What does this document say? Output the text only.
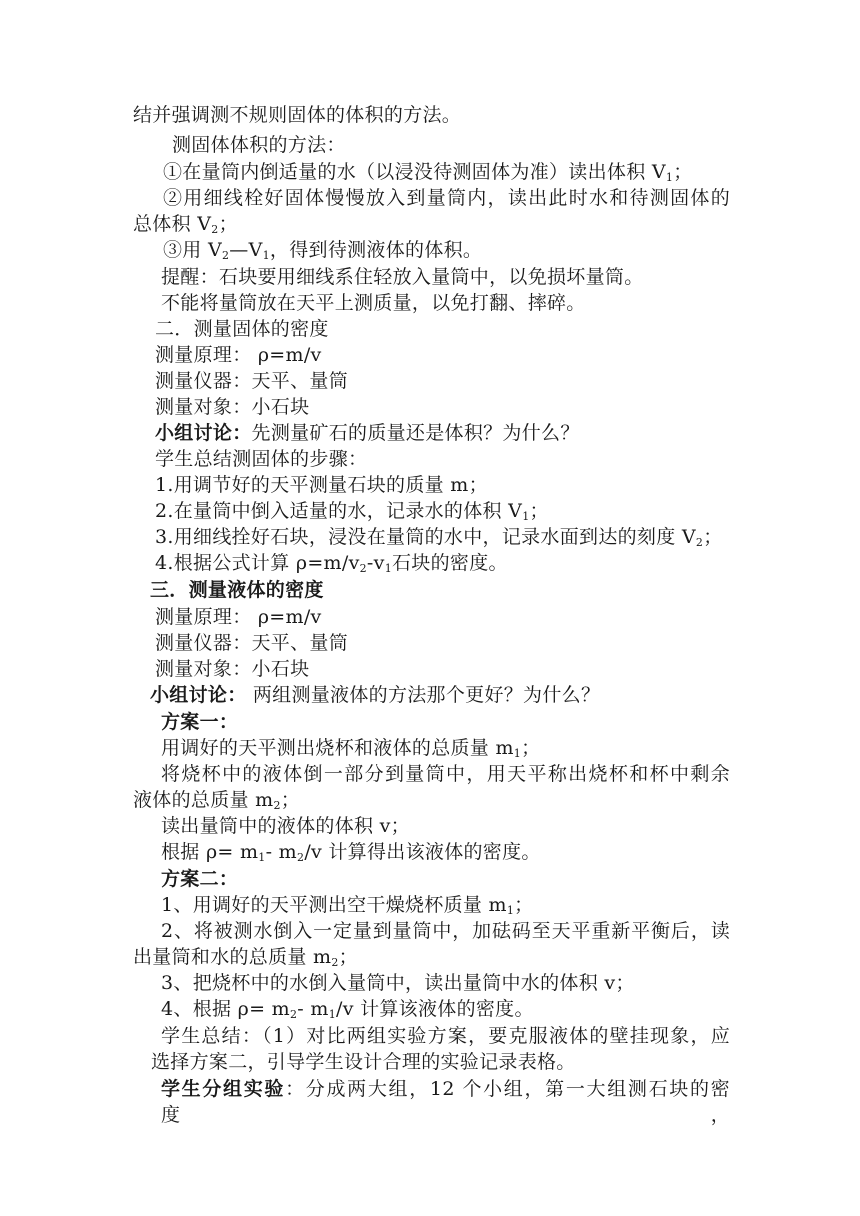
结并强调测不规则固体的体积的方法。
测固体体积的方法：
①在量筒内倒适量的水（以浸没待测固体为准）读出体积 $V_1$；
②用细线栓好固体慢慢放入到量筒内，读出此时水和待测固体的
总体积 $V_2$；
③用 $V_2—V_1$，得到待测液体的体积。
提醒：石块要用细线系住轻放入量筒中，以免损坏量筒。
不能将量筒放在天平上测质量，以免打翻、摔碎。
二．测量固体的密度
测量原理： ρ=m/v
测量仪器：天平、量筒
测量对象：小石块
小组讨论：先测量矿石的质量还是体积？为什么？
学生总结测固体的步骤：
1.用调节好的天平测量石块的质量 m；
2.在量筒中倒入适量的水，记录水的体积 $V_1$；
3.用细线拴好石块，浸没在量筒的水中，记录水面到达的刻度 $V_2$；
4.根据公式计算 $\rho=m/v_2-v_1$石块的密度。
三．测量液体的密度
测量原理： ρ=m/v
测量仪器：天平、量筒
测量对象：小石块
小组讨论： 两组测量液体的方法那个更好？为什么？
方案一：
用调好的天平测出烧杯和液体的总质量 $m_1$；
将烧杯中的液体倒一部分到量筒中，用天平称出烧杯和杯中剩余
液体的总质量 $m_2$；
读出量筒中的液体的体积 v；
根据 $\rho= m_1-$ $m_2/v$ 计算得出该液体的密度。
方案二：
1、用调好的天平测出空干燥烧杯质量 $m_1$；
2、将被测水倒入一定量到量筒中，加砝码至天平重新平衡后，读
出量筒和水的总质量 $m_2$；
3、把烧杯中的水倒入量筒中，读出量筒中水的体积 v；
4、根据 $\rho= m_2-$ $m_1/v$ 计算该液体的密度。
学生总结：（1）对比两组实验方案，要克服液体的壁挂现象，应
选择方案二，引导学生设计合理的实验记录表格。
学生分组实验：分成两大组，12 个小组，第一大组测石块的密度，
